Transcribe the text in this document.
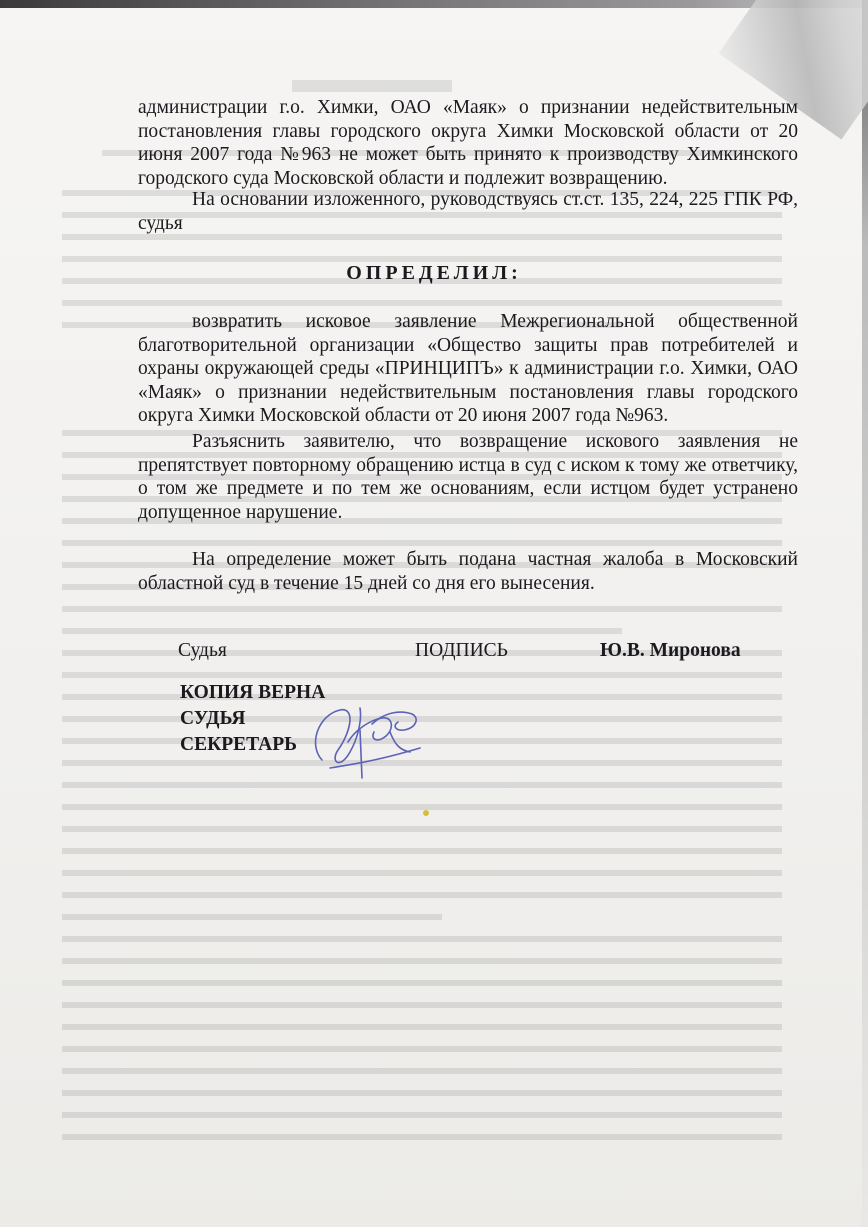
администрации г.о. Химки, ОАО «Маяк» о признании недействительным постановления главы городского округа Химки Московской области от 20 июня 2007 года №963 не может быть принято к производству Химкинского городского суда Московской области и подлежит возвращению.

На основании изложенного, руководствуясь ст.ст. 135, 224, 225 ГПК РФ, судья

ОПРЕДЕЛИЛ:

возвратить исковое заявление Межрегиональной общественной благотворительной организации «Общество защиты прав потребителей и охраны окружающей среды «ПРИНЦИПЪ» к администрации г.о. Химки, ОАО «Маяк» о признании недействительным постановления главы городского округа Химки Московской области от 20 июня 2007 года №963.

Разъяснить заявителю, что возвращение искового заявления не препятствует повторному обращению истца в суд с иском к тому же ответчику, о том же предмете и по тем же основаниям, если истцом будет устранено допущенное нарушение.

На определение может быть подана частная жалоба в Московский областной суд в течение 15 дней со дня его вынесения.

Судья	ПОДПИСЬ	Ю.В. Миронова

КОПИЯ ВЕРНА
СУДЬЯ
СЕКРЕТАРЬ
